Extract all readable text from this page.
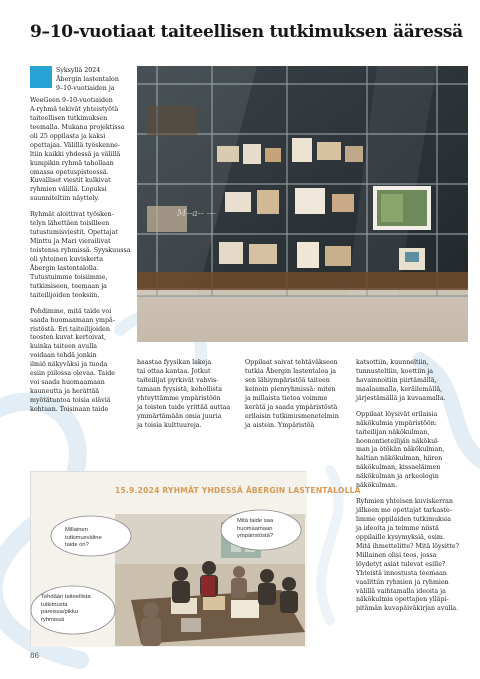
9–10-vuotiaat taiteellisen tutkimuksen ääressä

Syksyllä 2024
Åbergin lastentalon
9–10-vuotiaiden ja

WeeGeen 9–10-vuotiaiden
A-ryhmä tekivät yhteistyötä
taiteellisen tutkimuksen
teemalla. Mukana projektissa
oli 25 oppilasta ja kaksi
opettajaa. Välillä työskenne-
ltiin kaikki yhdessä ja välillä
kumpikin ryhmä tahollaan
omassa opetuspisteessä.
Kuvalliset viestit kulkivat
ryhmien välillä. Lopuksi
suunniteltiin näyttely.

Ryhmät aloittivat työsken-
telyn lähettäen toisilleen
tutustumisviestit. Opettajat
Minttu ja Mari vierailivat
toistensa ryhmissä. Syyskuussa
oli yhteinen kuviskerta
Åbergin lastentalolla.
Tutustuimme toisiimme,
tutkimiseen, teemaan ja
taiteilijoiden teoksiin.

Pohdimme, mitä taide voi
saada huomaamaan ympä-
ristöstä. Eri taiteilijoiden
teosten kuvat kertoivat,
kuinka taiteen avulla
voidaan tehdä jonkin
ilmiö näkyväksi ja tuoda
esiin piilossa olevaa. Taide
voi saada huomaamaan
kauneutta ja herättää
myötätuntoa toisia eläviä
kohtaan. Toisinaan taide

M--a-- ---

haastaa fyysikan lakeja
tai ottaa kantaa. Jotkut
taiteilijat pyrkivät vahvis-
tamaan fyysistä, kehollista
yhteyttämme ympäristöön
ja toisten taide yrittää auttaa
ymmärtämään omia juuria
ja toisia kulttuureja.

Oppilaat saivat tehtäväkseen
tutkia Åbergin lastentaloa ja
sen lähiympäristöä taiteen
keinoin pienryhmissä: miten
ja millaista tietoa voimme
kerätä ja saada ympäristöstä
erilaisin tutkimusmenetelmin
ja aistein. Ympäristöä

katsottiin, kuunneltiin,
tunnusteltiin, koettiin ja
havainnoitiin piirtämällä,
maalaamalla, keräilemällä,
järjestämällä ja kuvaamalla.

Oppilaat löysivät erilaisia
näkökulmia ympäristöön:
taiteilijan näkökulman,
hoonontieteilijän näkökul-
man ja ötökän näkökulman,
haltian näkökulman, hiiren
näkökulman, kissaeläimen
näkökulman ja arkeologin
näkökulman.

Ryhmien yhteisen kuviskerran
jälkeen me opettajat tarkaste-
limme oppilaiden tutkimuksia
ja ideoita ja teimme niistä
oppilaille kysymyksiä, esim.
Mitä ihmettelitte? Mitä löysitte?
Millainen olisi teos, jossa
löydetyt asiat tulevat esille?
Yhteistä innostusta teemaan
vaalittiin ryhmien ja ryhmien
välillä vaihtamalla ideoita ja
näkökulmia opettajien ylläpi-
pitämän kuvapäiväkirjan avulla.

15.9.2024 RYHMÄT YHDESSÄ ÅBERGIN LASTENTALOLLA
Millainen
tutkimusväline
taide on?
Mitä taide saa
huomaamaan
ympäristöstä?
Tehdään taiteellista
tutkimusta
pareissa/pikku
ryhmissä
86
